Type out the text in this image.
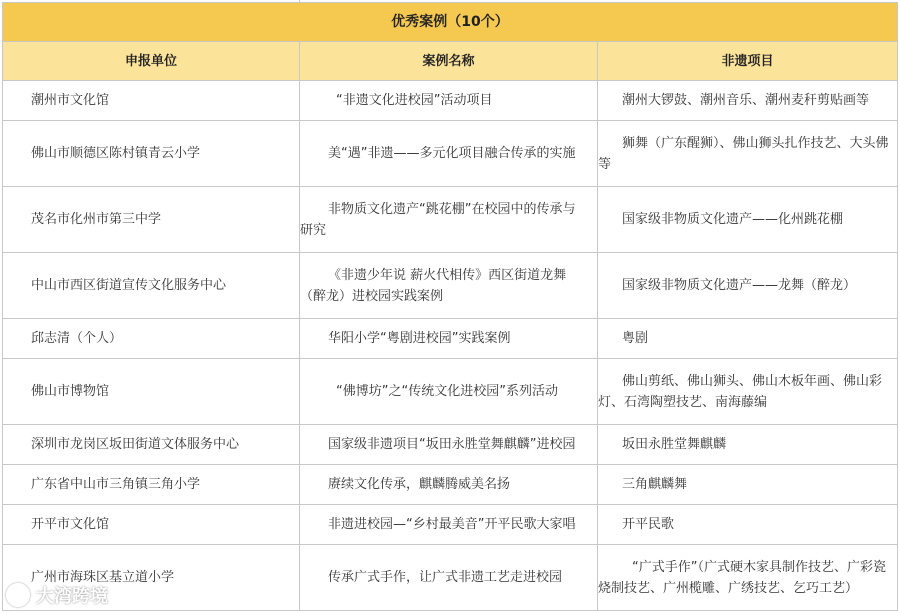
优秀案例（10个）		
申报单位	案例名称	非遗项目
潮州市文化馆	“非遗文化进校园”活动项目	潮州大锣鼓、潮州音乐、潮州麦秆剪贴画等
佛山市顺德区陈村镇青云小学	美“遇”非遗——多元化项目融合传承的实施	狮舞（广东醒狮）、佛山狮头扎作技艺、大头佛等
茂名市化州市第三中学	非物质文化遗产“跳花棚”在校园中的传承与研究	国家级非物质文化遗产——化州跳花棚
中山市西区街道宣传文化服务中心	《非遗少年说 薪火代相传》西区街道龙舞（醉龙）进校园实践案例	国家级非物质文化遗产——龙舞（醉龙）
邱志清（个人）	华阳小学“粤剧进校园”实践案例	粤剧
佛山市博物馆	“佛博坊”之“传统文化进校园”系列活动	佛山剪纸、佛山狮头、佛山木板年画、佛山彩灯、石湾陶塑技艺、南海藤编
深圳市龙岗区坂田街道文体服务中心	国家级非遗项目“坂田永胜堂舞麒麟”进校园	坂田永胜堂舞麒麟
广东省中山市三角镇三角小学	赓续文化传承，麒麟腾威美名扬	三角麒麟舞
开平市文化馆	非遗进校园—“乡村最美音”开平民歌大家唱	开平民歌
广州市海珠区基立道小学	传承广式手作，让广式非遗工艺走进校园	“广式手作”（广式硬木家具制作技艺、广彩瓷烧制技艺、广州榄雕、广绣技艺、乞巧工艺）
大湾跨境
